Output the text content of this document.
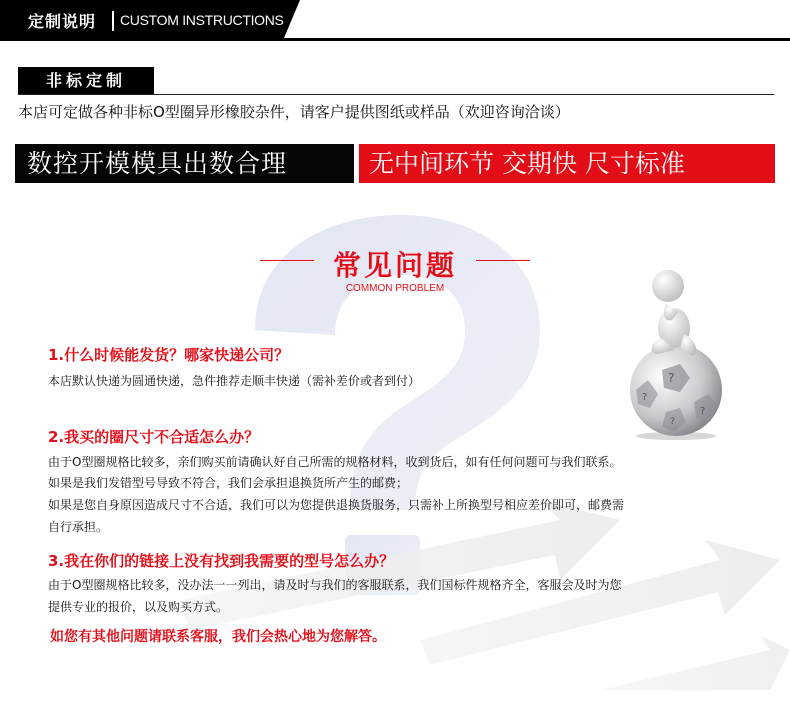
定制说明 CUSTOM INSTRUCTIONS
非标定制
本店可定做各种非标O型圈异形橡胶杂件，请客户提供图纸或样品（欢迎咨询洽谈）
数控开模模具出数合理	无中间环节 交期快 尺寸标准
常见问题
COMMON PROBLEM
?
?
?
?
1.什么时候能发货？哪家快递公司？
本店默认快递为圆通快递，急件推荐走顺丰快递（需补差价或者到付）
2.我买的圈尺寸不合适怎么办？
由于O型圈规格比较多，亲们购买前请确认好自己所需的规格材料，收到货后，如有任何问题可与我们联系。
如果是我们发错型号导致不符合，我们会承担退换货所产生的邮费；
如果是您自身原因造成尺寸不合适，我们可以为您提供退换货服务，只需补上所换型号相应差价即可，邮费需
自行承担。
3.我在你们的链接上没有找到我需要的型号怎么办？
由于O型圈规格比较多，没办法一一列出，请及时与我们的客服联系，我们国标件规格齐全，客服会及时为您
提供专业的报价，以及购买方式。
如您有其他问题请联系客服，我们会热心地为您解答。
